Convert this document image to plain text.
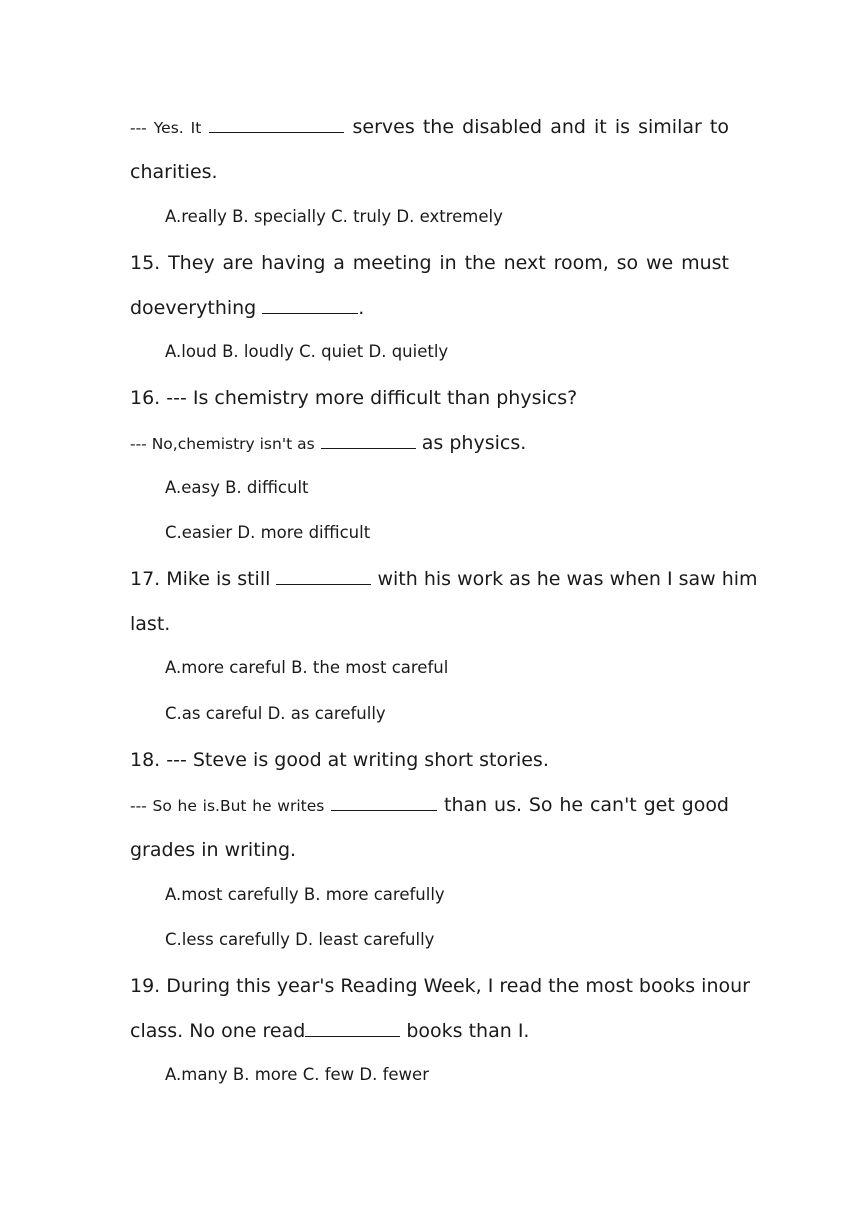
--- Yes. It	serves the disabled and it is similar to
charities.
A.really B. specially C. truly D. extremely
15. They are having a meeting in the next room, so we must
doeverything	.
A.loud B. loudly C. quiet D. quietly
16. --- Is chemistry more difficult than physics?
--- No,chemistry isn't as	as physics.
A.easy B. difficult
C.easier D. more difficult
17. Mike is still	with his work as he was when I saw him
last.
A.more careful B. the most careful
C.as careful D. as carefully
18. --- Steve is good at writing short stories.
--- So he is.But he writes	than us. So he can't get good
grades in writing.
A.most carefully B. more carefully
C.less carefully D. least carefully
19. During this year's Reading Week, I read the most books inour
class. No one read	books than I.
A.many B. more C. few D. fewer
